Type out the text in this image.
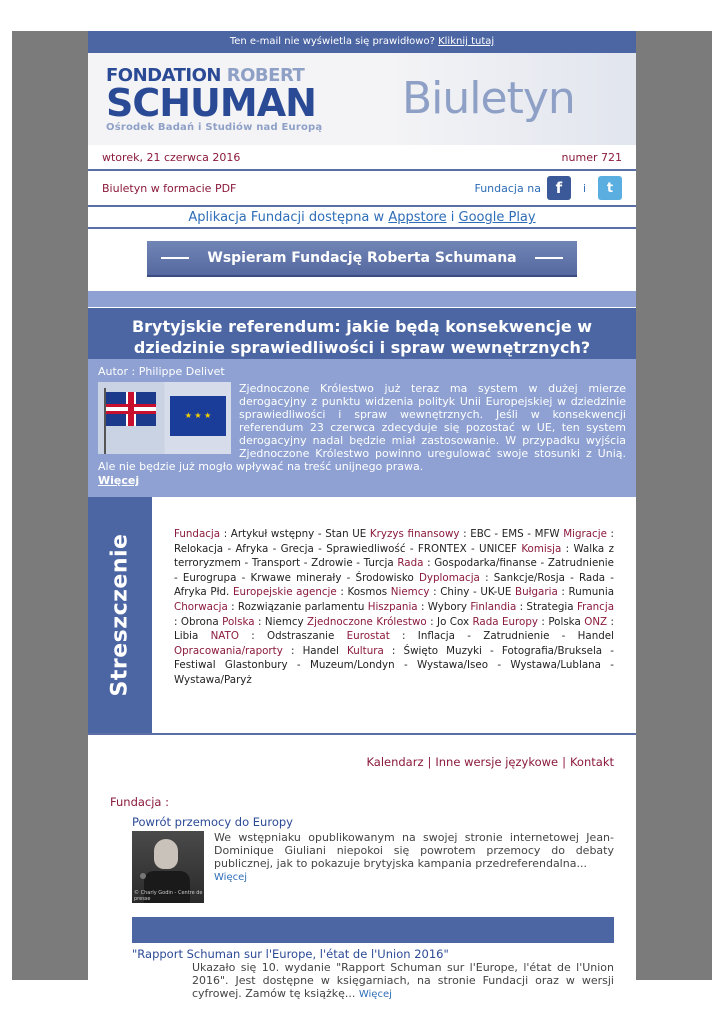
Ten e-mail nie wyświetla się prawidłowo? Kliknij tutaj
FONDATION ROBERT
SCHUMAN
Ośrodek Badań i Studiów nad Europą
Biuletyn
wtorek, 21 czerwca 2016	numer 721
Biuletyn w formacie PDF	Fundacja na f	i	t
Aplikacja Fundacji dostępna w Appstore i Google Play
Wspieram Fundację Roberta Schumana
Brytyjskie referendum: jakie będą konsekwencje w dziedzinie sprawiedliwości i spraw wewnętrznych?
Autor : Philippe Delivet
★ ★ ★
Zjednoczone Królestwo już teraz ma system w dużej mierze derogacyjny z punktu widzenia polityk Unii Europejskiej w dziedzinie sprawiedliwości i spraw wewnętrznych. Jeśli w konsekwencji referendum 23 czerwca zdecyduje się pozostać w UE, ten system derogacyjny nadal będzie miał zastosowanie. W przypadku wyjścia Zjednoczone Królestwo powinno uregulować swoje stosunki z Unią. Ale nie będzie już mogło wpływać na treść unijnego prawa.
Więcej
Streszczenie	Fundacja : Artykuł wstępny - Stan UE Kryzys finansowy : EBC - EMS - MFW Migracje : Relokacja - Afryka - Grecja - Sprawiedliwość - FRONTEX - UNICEF Komisja : Walka z terroryzmem - Transport - Zdrowie - Turcja Rada : Gospodarka/finanse - Zatrudnienie - Eurogrupa - Krwawe minerały - Środowisko Dyplomacja : Sankcje/Rosja - Rada - Afryka Płd. Europejskie agencje : Kosmos Niemcy : Chiny - UK-UE Bułgaria : Rumunia Chorwacja : Rozwiązanie parlamentu Hiszpania : Wybory Finlandia : Strategia Francja : Obrona Polska : Niemcy Zjednoczone Królestwo : Jo Cox Rada Europy : Polska ONZ : Libia NATO : Odstraszanie Eurostat : Inflacja - Zatrudnienie - Handel Opracowania/raporty : Handel Kultura : Święto Muzyki - Fotografia/Bruksela - Festiwal Glastonbury - Muzeum/Londyn - Wystawa/Iseo - Wystawa/Lublana - Wystawa/Paryż
Kalendarz | Inne wersje językowe | Kontakt
Fundacja :
Powrót przemocy do Europy
© Charly Godin - Centre de presse
We wstępniaku opublikowanym na swojej stronie internetowej Jean-Dominique Giuliani niepokoi się powrotem przemocy do debaty publicznej, jak to pokazuje brytyjska kampania przedreferendalna...
Więcej
"Rapport Schuman sur l'Europe, l'état de l'Union 2016"
Ukazało się 10. wydanie "Rapport Schuman sur l'Europe, l'état de l'Union 2016". Jest dostępne w księgarniach, na stronie Fundacji oraz w wersji cyfrowej. Zamów tę książkę... Więcej
